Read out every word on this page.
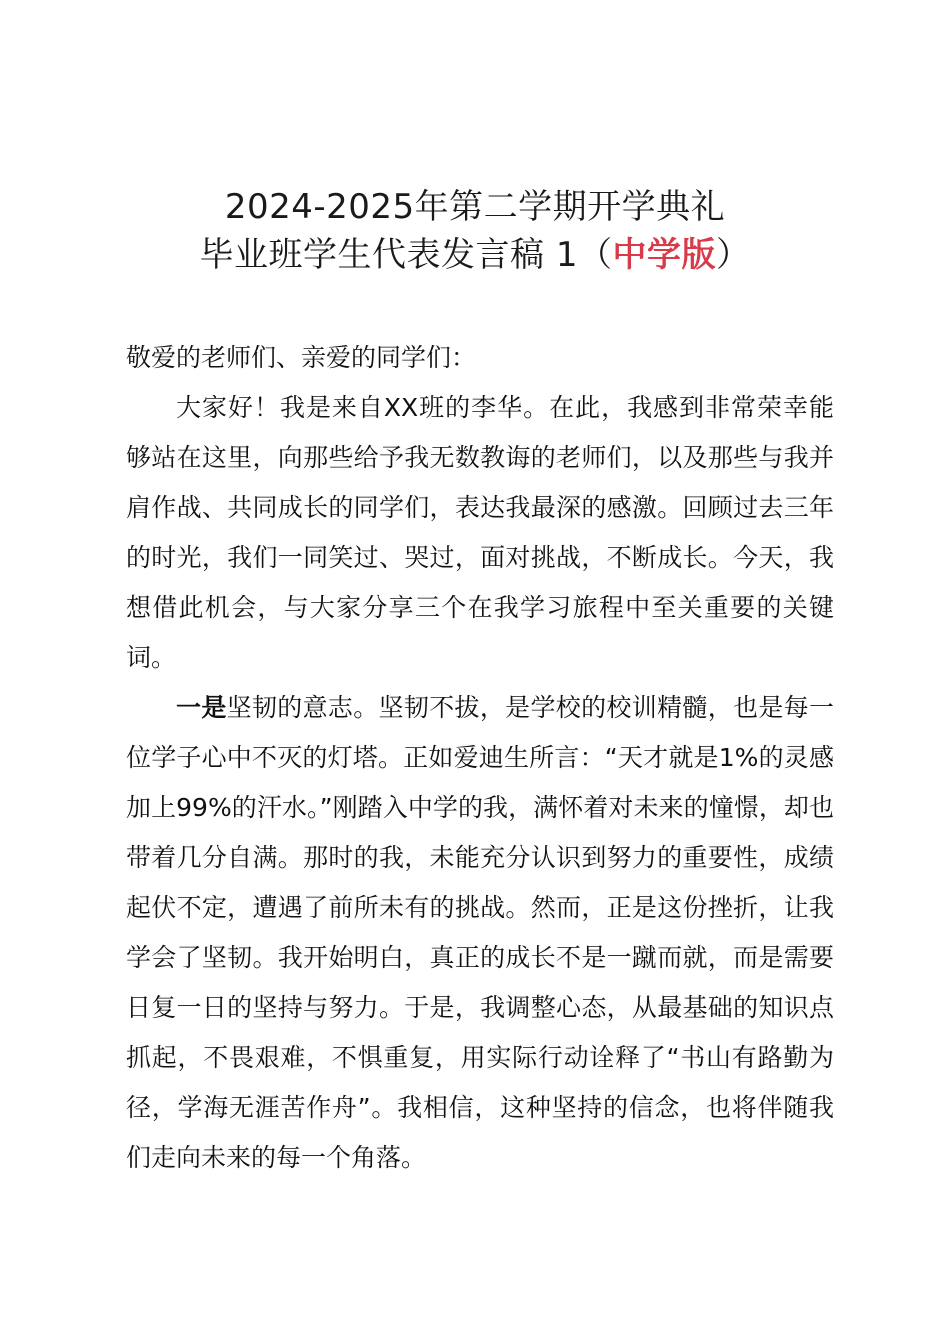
2024-2025年第二学期开学典礼
毕业班学生代表发言稿 1（中学版）

敬爱的老师们、亲爱的同学们：

大家好！我是来自XX班的李华。在此，我感到非常荣幸能够站在这里，向那些给予我无数教诲的老师们，以及那些与我并肩作战、共同成长的同学们，表达我最深的感激。回顾过去三年的时光，我们一同笑过、哭过，面对挑战，不断成长。今天，我想借此机会，与大家分享三个在我学习旅程中至关重要的关键词。

一是坚韧的意志。坚韧不拔，是学校的校训精髓，也是每一位学子心中不灭的灯塔。正如爱迪生所言：“天才就是1%的灵感加上99%的汗水。”刚踏入中学的我，满怀着对未来的憧憬，却也带着几分自满。那时的我，未能充分认识到努力的重要性，成绩起伏不定，遭遇了前所未有的挑战。然而，正是这份挫折，让我学会了坚韧。我开始明白，真正的成长不是一蹴而就，而是需要日复一日的坚持与努力。于是，我调整心态，从最基础的知识点抓起，不畏艰难，不惧重复，用实际行动诠释了“书山有路勤为径，学海无涯苦作舟”。我相信，这种坚持的信念，也将伴随我们走向未来的每一个角落。
